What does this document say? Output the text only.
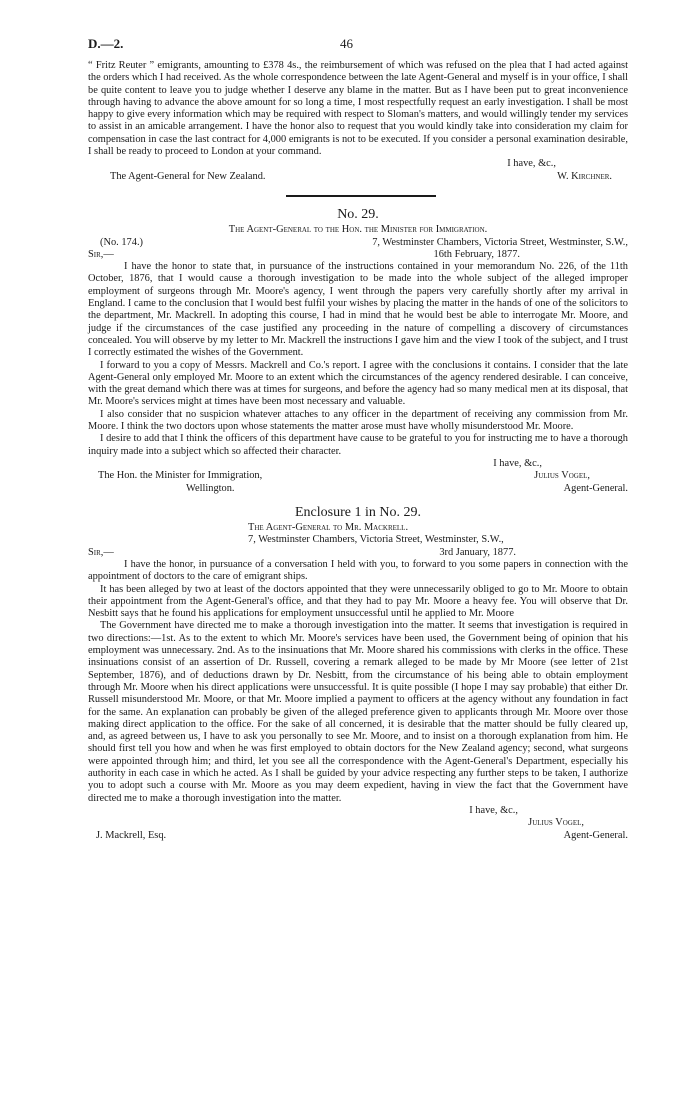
D.—2.	46

“ Fritz Reuter ” emigrants, amounting to £378 4s., the reimbursement of which was refused on the plea that I had acted against the orders which I had received. As the whole correspondence between the late Agent-General and myself is in your office, I shall be quite content to leave you to judge whether I deserve any blame in the matter. But as I have been put to great inconvenience through having to advance the above amount for so long a time, I most respectfully request an early investigation. I shall be most happy to give every information which may be required with respect to Sloman's matters, and would willingly tender my services to assist in an amicable arrangement. I have the honor also to request that you would kindly take into consideration my claim for compensation in case the last contract for 4,000 emigrants is not to be executed. If you consider a personal examination desirable, I shall be ready to proceed to London at your command.

I have, &c.,

The Agent-General for New Zealand.	W. Kirchner.
No. 29.

The Agent-General to the Hon. the Minister for Immigration.

(No. 174.)	7, Westminster Chambers, Victoria Street, Westminster, S.W.,
Sir,—	16th February, 1877.

I have the honor to state that, in pursuance of the instructions contained in your memorandum No. 226, of the 11th October, 1876, that I would cause a thorough investigation to be made into the whole subject of the alleged improper employment of surgeons through Mr. Moore's agency, I went through the papers very carefully shortly after my arrival in England. I came to the conclusion that I would best fulfil your wishes by placing the matter in the hands of one of the solicitors to the department, Mr. Mackrell. In adopting this course, I had in mind that he would best be able to interrogate Mr. Moore, and judge if the circumstances of the case justified any proceeding in the nature of compelling a discovery of circumstances concealed. You will observe by my letter to Mr. Mackrell the instructions I gave him and the view I took of the subject, and I trust I correctly estimated the wishes of the Government.

I forward to you a copy of Messrs. Mackrell and Co.'s report. I agree with the conclusions it contains. I consider that the late Agent-General only employed Mr. Moore to an extent which the circumstances of the agency rendered desirable. I can conceive, with the great demand which there was at times for surgeons, and before the agency had so many medical men at its disposal, that Mr. Moore's services might at times have been most necessary and valuable.

I also consider that no suspicion whatever attaches to any officer in the department of receiving any commission from Mr. Moore. I think the two doctors upon whose statements the matter arose must have wholly misunderstood Mr. Moore.

I desire to add that I think the officers of this department have cause to be grateful to you for instructing me to have a thorough inquiry made into a subject which so affected their character.

I have, &c.,

The Hon. the Minister for Immigration,	Julius Vogel,
Wellington.	Agent-General.
Enclosure 1 in No. 29.

The Agent-General to Mr. Mackrell.

7, Westminster Chambers, Victoria Street, Westminster, S.W.,

Sir,—	3rd January, 1877.

I have the honor, in pursuance of a conversation I held with you, to forward to you some papers in connection with the appointment of doctors to the care of emigrant ships.

It has been alleged by two at least of the doctors appointed that they were unnecessarily obliged to go to Mr. Moore to obtain their appointment from the Agent-General's office, and that they had to pay Mr. Moore a heavy fee. You will observe that Dr. Nesbitt says that he found his applications for employment unsuccessful until he applied to Mr. Moore

The Government have directed me to make a thorough investigation into the matter. It seems that investigation is required in two directions:—1st. As to the extent to which Mr. Moore's services have been used, the Government being of opinion that his employment was unnecessary. 2nd. As to the insinuations that Mr. Moore shared his commissions with clerks in the office. These insinuations consist of an assertion of Dr. Russell, covering a remark alleged to be made by Mr Moore (see letter of 21st September, 1876), and of deductions drawn by Dr. Nesbitt, from the circumstance of his being able to obtain employment through Mr. Moore when his direct applications were unsuccessful. It is quite possible (I hope I may say probable) that either Dr. Russell misunderstood Mr. Moore, or that Mr. Moore implied a payment to officers at the agency without any foundation in fact for the same. An explanation can probably be given of the alleged preference given to applicants through Mr. Moore over those making direct application to the office. For the sake of all concerned, it is desirable that the matter should be fully cleared up, and, as agreed between us, I have to ask you personally to see Mr. Moore, and to insist on a thorough explanation from him. He should first tell you how and when he was first employed to obtain doctors for the New Zealand agency; second, what surgeons were appointed through him; and third, let you see all the correspondence with the Agent-General's Department, especially his authority in each case in which he acted. As I shall be guided by your advice respecting any further steps to be taken, I authorize you to adopt such a course with Mr. Moore as you may deem expedient, having in view the fact that the Government have directed me to make a thorough investigation into the matter.

I have, &c.,

Julius Vogel,

J. Mackrell, Esq.	Agent-General.
